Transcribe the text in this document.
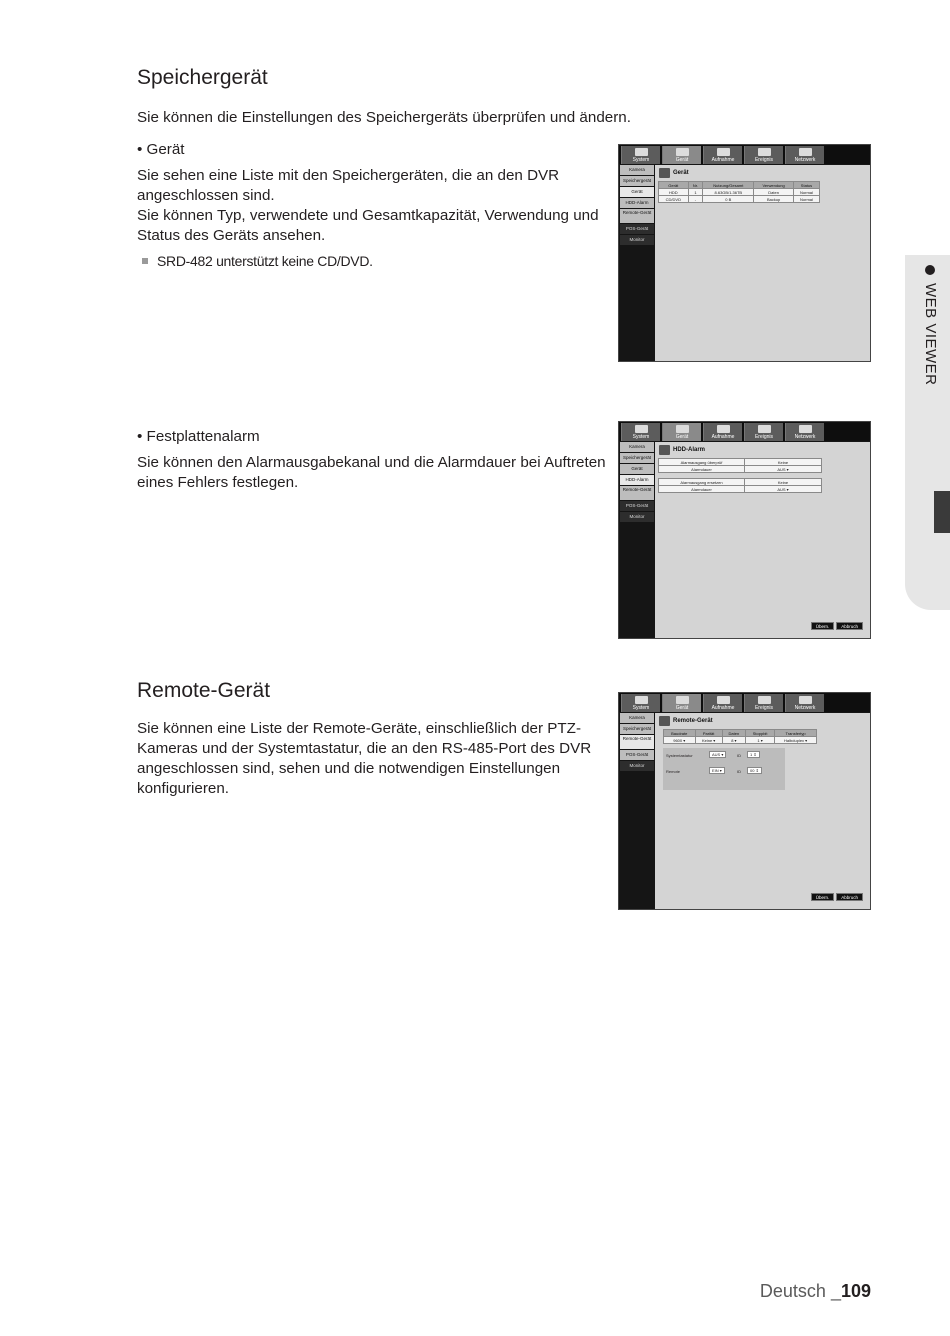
Speichergerät
Sie können die Einstellungen des Speichergeräts überprüfen und ändern.
• Gerät
Sie sehen eine Liste mit den Speichergeräten, die an den DVR
angeschlossen sind.
Sie können Typ, verwendete und Gesamtkapazität, Verwendung und
Status des Geräts ansehen.
SRD-482 unterstützt keine CD/DVD.
System	Gerät	Aufnahme	Ereignis	Netzwerk
Kamera
Speichergerät
Gerät
HDD-Alarm
Remote-Gerät
POS-Gerät
Monitor
Gerät
Gerät	Nr.	Nutzung/Gesamt	Verwendung	Status
HDD	1	8.63GB/1.36TB	Daten	Normal
CD/DVD	-	0 B	Backup	Normal
• Festplattenalarm
Sie können den Alarmausgabekanal und die Alarmdauer bei Auftreten
eines Fehlers festlegen.
System	Gerät	Aufnahme	Ereignis	Netzwerk
Kamera
Speichergerät
Gerät
HDD-Alarm
Remote-Gerät
POS-Gerät
Monitor
HDD-Alarm
Alarmausgang überprüf	Keine
Alarmdauer	AUS ▾
Alarmausgang ersetzen	Keine
Alarmdauer	AUS ▾
Übern.	Abbruch
Remote-Gerät
Sie können eine Liste der Remote-Geräte, einschließlich der PTZ-
Kameras und der Systemtastatur, die an den RS-485-Port des DVR
angeschlossen sind, sehen und die notwendigen Einstellungen
konfigurieren.
System	Gerät	Aufnahme	Ereignis	Netzwerk
Kamera
Speichergerät
Remote-Gerät
POS-Gerät
Monitor
Remote-Gerät
Baudrate	Parität	Daten	Stoppbit	Transfertyp
9600 ▾	Keine ▾	8 ▾	1 ▾	Halbduplex ▾
Systemtastatur	AUS ▾	ID	1 ⇕
Remote	EIN ▾	ID	00 ⇕
Übern.	Abbruch
WEB VIEWER
Deutsch _109
